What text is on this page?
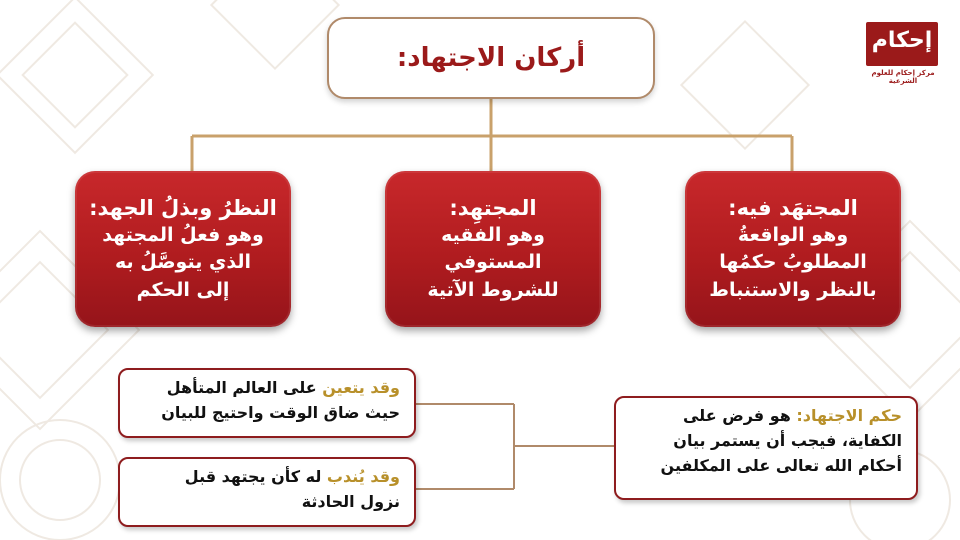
أركان الاجتهاد:
المجتهَد فيه:
وهو الواقعةُ
المطلوبُ حكمُها
بالنظر والاستنباط
المجتهِد:
وهو الفقيه
المستوفي
للشروط الآتية
النظرُ وبذلُ الجهد:
وهو فعلُ المجتهد
الذي يتوصَّلُ به
إلى الحكم
حكم الاجتهاد: هو فرض على
الكفاية، فيجب أن يستمر بيان
أحكام الله تعالى على المكلفين
وقد يتعين على العالم المتأهل
حيث ضاق الوقت واحتيج للبيان
وقد يُندب له كأن يجتهد قبل
نزول الحادثة
إحكام
مركز إحكام للعلوم الشرعية
